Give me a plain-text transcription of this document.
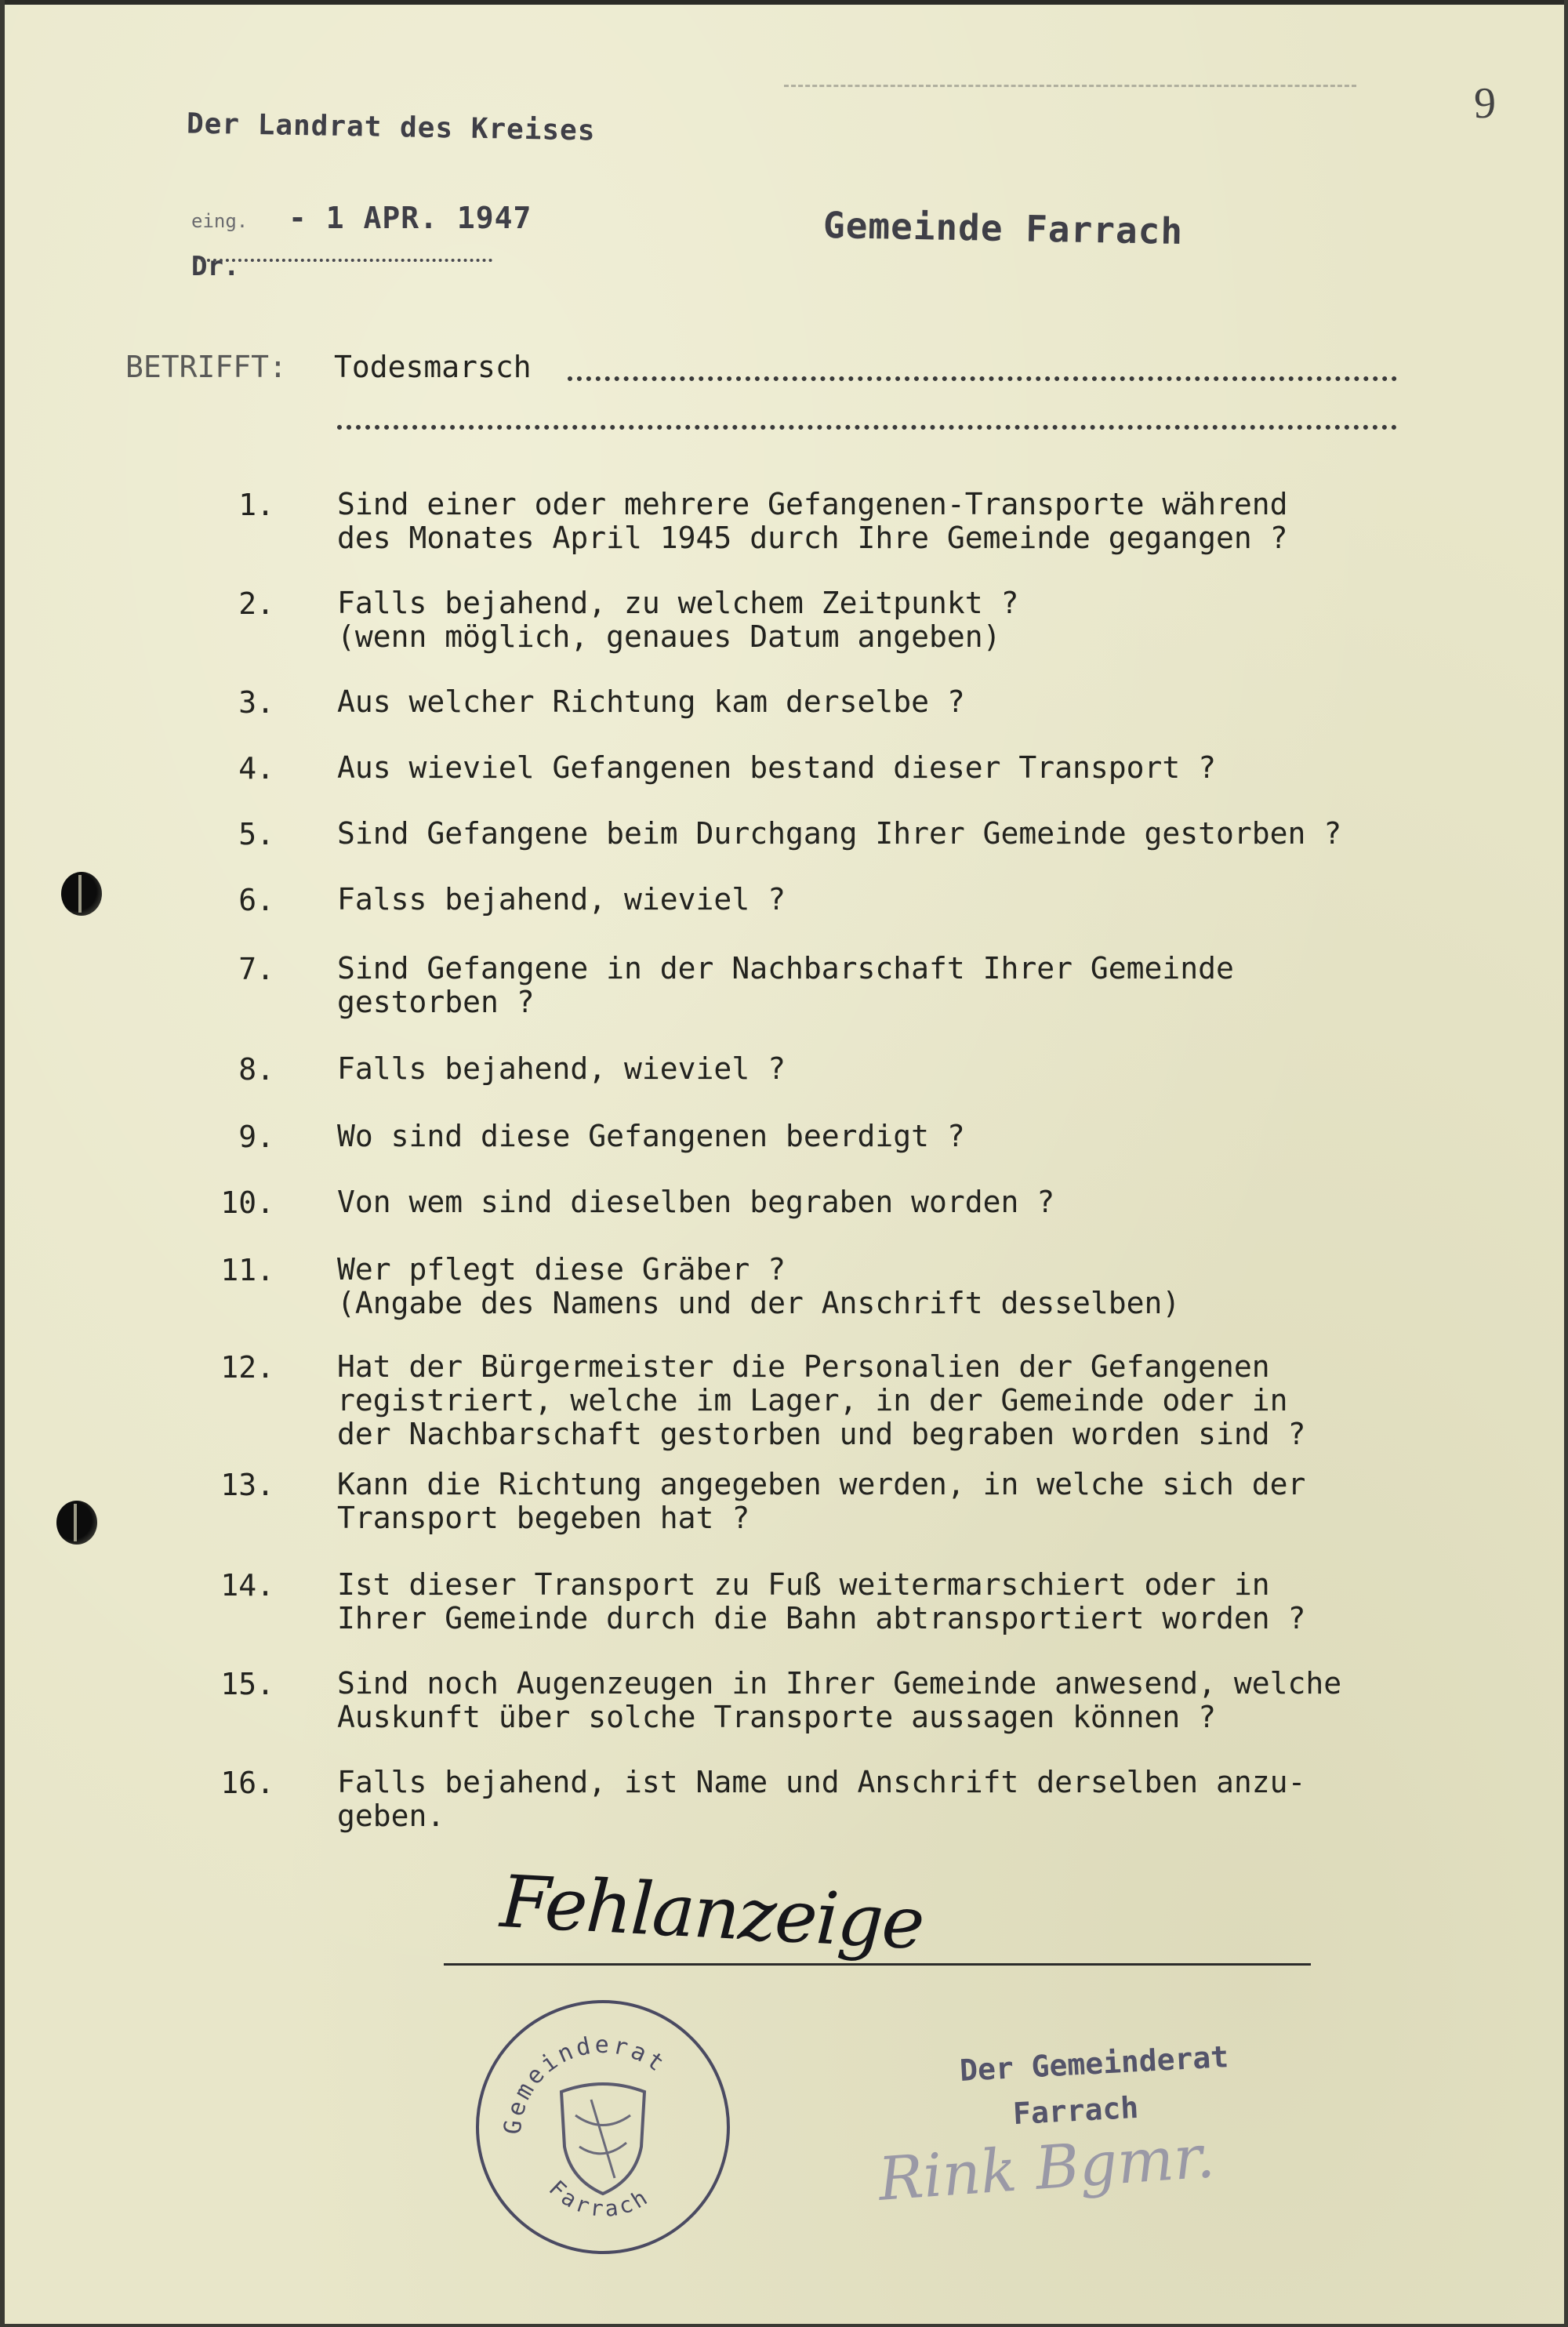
9
Der Landrat des Kreises
eing. - 1 APR. 1947
Dr.
Gemeinde Farrach
BETRIFFT: Todesmarsch
1. Sind einer oder mehrere Gefangenen-Transporte während
des Monates April 1945 durch Ihre Gemeinde gegangen ?
2. Falls bejahend, zu welchem Zeitpunkt ?
(wenn möglich, genaues Datum angeben)
3. Aus welcher Richtung kam derselbe ?
4. Aus wieviel Gefangenen bestand dieser Transport ?
5. Sind Gefangene beim Durchgang Ihrer Gemeinde gestorben ?
6. Falss bejahend, wieviel ?
7. Sind Gefangene in der Nachbarschaft Ihrer Gemeinde
gestorben ?
8. Falls bejahend, wieviel ?
9. Wo sind diese Gefangenen beerdigt ?
10. Von wem sind dieselben begraben worden ?
11. Wer pflegt diese Gräber ?
(Angabe des Namens und der Anschrift desselben)
12. Hat der Bürgermeister die Personalien der Gefangenen
registriert, welche im Lager, in der Gemeinde oder in
der Nachbarschaft gestorben und begraben worden sind ?
13. Kann die Richtung angegeben werden, in welche sich der
Transport begeben hat ?
14. Ist dieser Transport zu Fuß weitermarschiert oder in
Ihrer Gemeinde durch die Bahn abtransportiert worden ?
15. Sind noch Augenzeugen in Ihrer Gemeinde anwesend, welche
Auskunft über solche Transporte aussagen können ?
16. Falls bejahend, ist Name und Anschrift derselben anzu-
geben.
Fehlanzeige
Gemeinderat
Farrach
Der Gemeinderat
Farrach
Rink Bgmr.
